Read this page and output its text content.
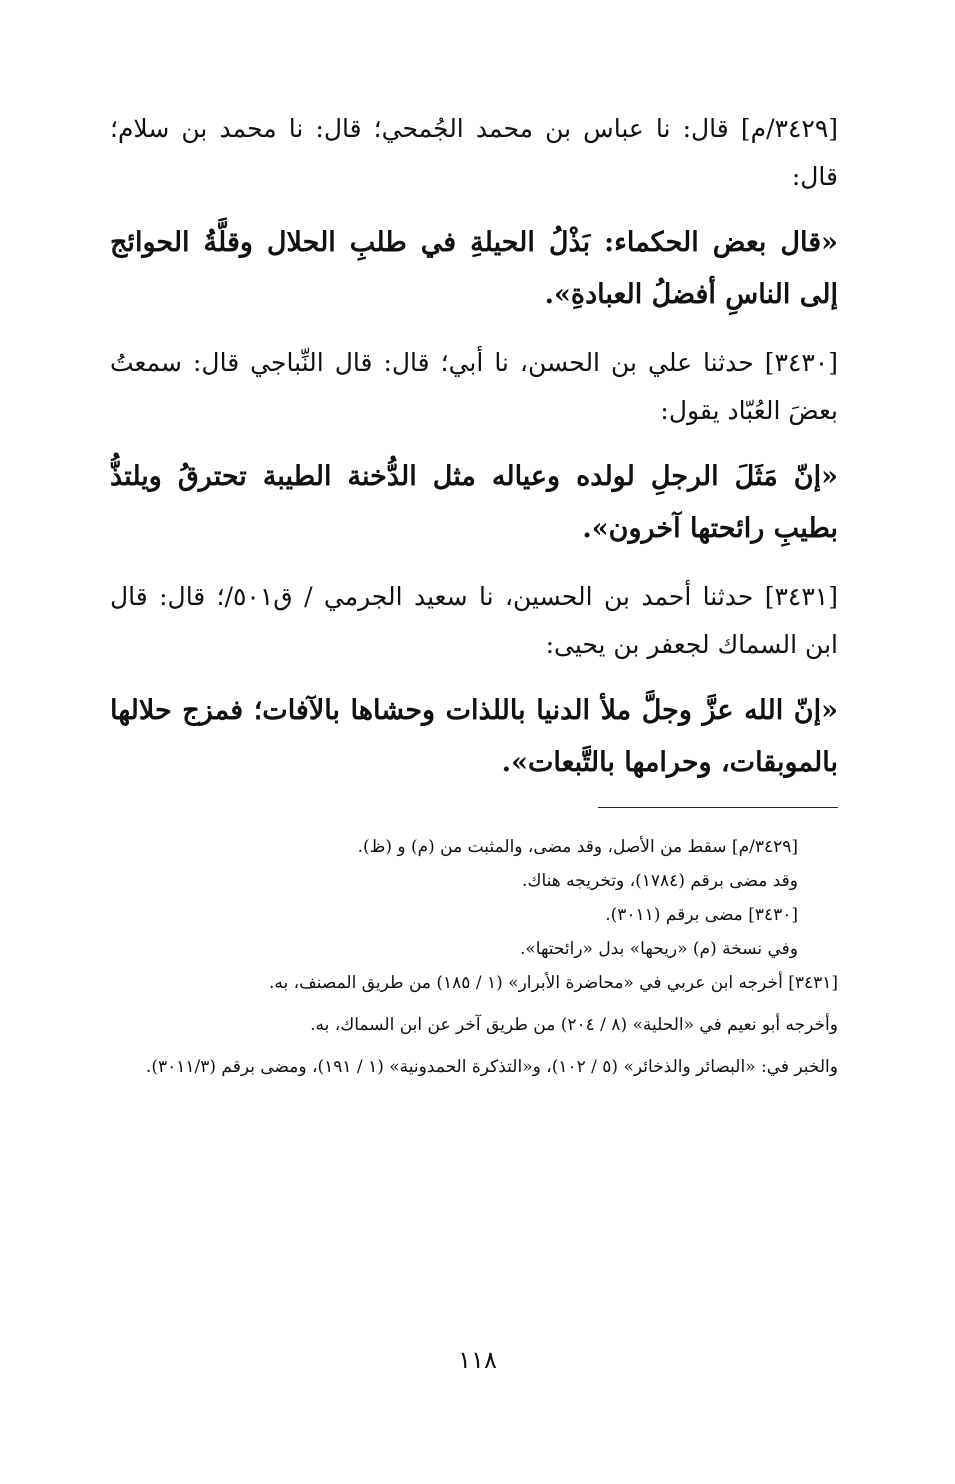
[٣٤٢٩/م] قال: نا عباس بن محمد الجُمحي؛ قال: نا محمد بن سلام؛ قال:

«قال بعض الحكماء: بَذْلُ الحيلةِ في طلبِ الحلال وقلَّةُ الحوائج إلى الناسِ أفضلُ العبادةِ».

[٣٤٣٠] حدثنا علي بن الحسن، نا أبي؛ قال: قال النِّباجي قال: سمعتُ بعضَ العُبّاد يقول:

«إنّ مَثَلَ الرجلِ لولده وعياله مثل الدُّخنة الطيبة تحترقُ ويلتذُّ بطيبِ رائحتها آخرون».

[٣٤٣١] حدثنا أحمد بن الحسين، نا سعيد الجرمي / ق٥٠١/؛ قال: قال ابن السماك لجعفر بن يحيى:

«إنّ الله عزَّ وجلَّ ملأ الدنيا باللذات وحشاها بالآفات؛ فمزج حلالها بالموبقات، وحرامها بالتَّبعات».

[٣٤٢٩/م] سقط من الأصل، وقد مضى، والمثبت من (م) و (ظ).

وقد مضى برقم (١٧٨٤)، وتخريجه هناك.

[٣٤٣٠] مضى برقم (٣٠١١).

وفي نسخة (م) «ريحها» بدل «رائحتها».

[٣٤٣١] أخرجه ابن عربي في «محاضرة الأبرار» (١ / ١٨٥) من طريق المصنف، به.

وأخرجه أبو نعيم في «الحلية» (٨ / ٢٠٤) من طريق آخر عن ابن السماك، به.

والخبر في: «البصائر والذخائر» (٥ / ١٠٢)، و«التذكرة الحمدونية» (١ / ١٩١)، ومضى برقم (٣٠١١/٣).

١١٨
